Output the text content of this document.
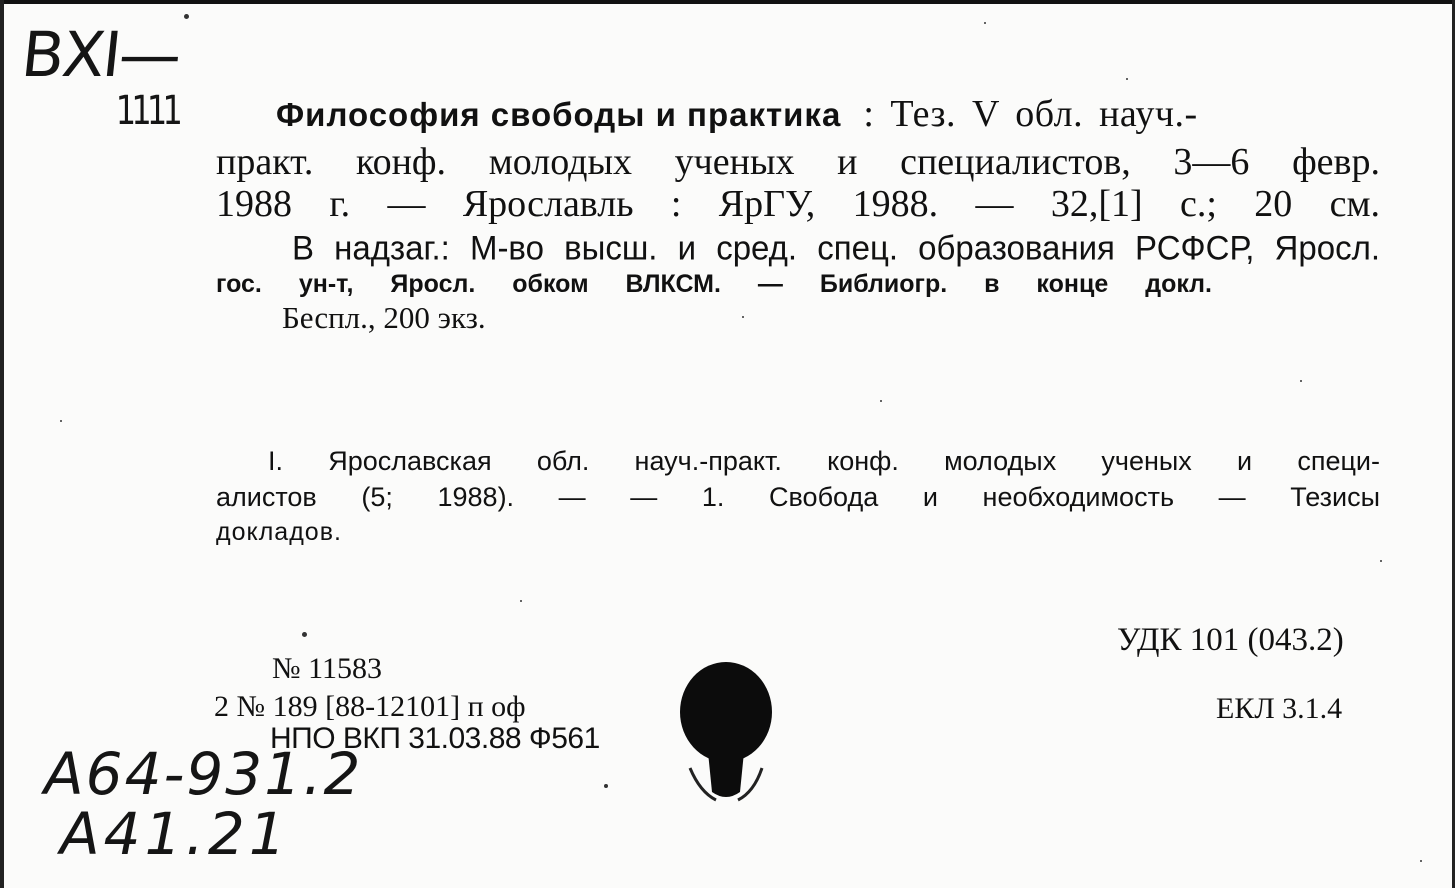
ВXI—
1111	Философия свободы и практика : Тез. V обл. науч.-
практ. конф. молодых ученых и специалистов, 3—6 февр.
1988 г. — Ярославль : ЯрГУ, 1988. — 32,[1] с.; 20 см.
В надзаг.: М-во высш. и сред. спец. образования РСФСР, Яросл.
гос. ун-т, Яросл. обком ВЛКСМ. — Библиогр. в конце докл.
Беспл., 200 экз.
I. Ярославская обл. науч.-практ. конф. молодых ученых и специ-
алистов (5; 1988). — — 1. Свобода и необходимость — Тезисы
докладов.
№ 11583
2 № 189 [88-12101] п оф
НПО ВКП 31.03.88 Ф561
УДК 101 (043.2)
ЕКЛ 3.1.4
А64-931.2
А41.21
